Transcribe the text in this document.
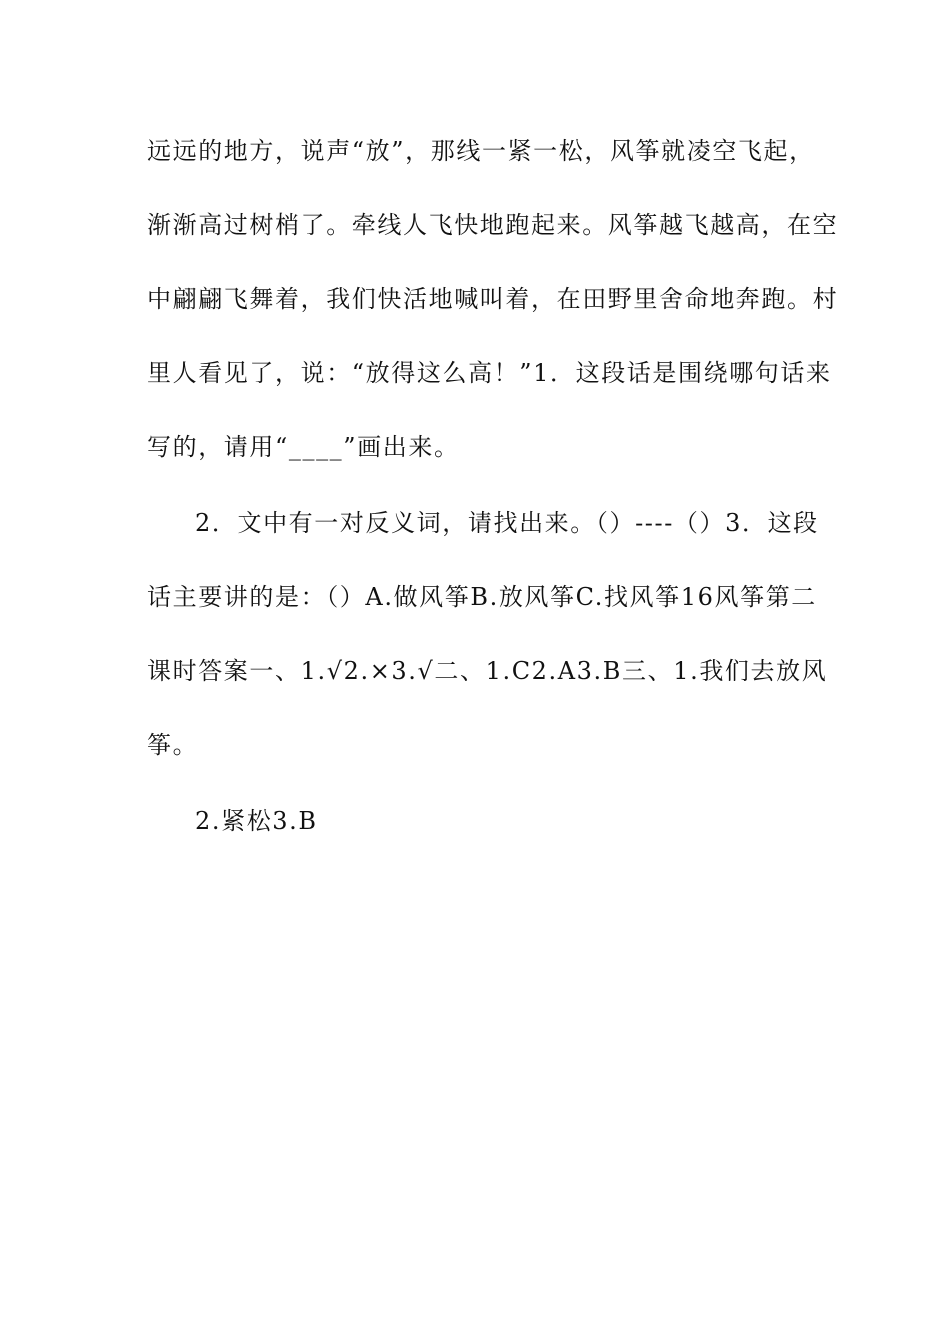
远远的地方，说声“放”，那线一紧一松，风筝就凌空飞起，
渐渐高过树梢了。牵线人飞快地跑起来。风筝越飞越高，在空
中翩翩飞舞着，我们快活地喊叫着，在田野里舍命地奔跑。村
里人看见了，说：“放得这么高！”1．这段话是围绕哪句话来
写的，请用“____”画出来。
2．文中有一对反义词，请找出来。（）----（）3．这段
话主要讲的是：（）A.做风筝B.放风筝C.找风筝16风筝第二
课时答案一、1.√2.×3.√二、1.C2.A3.B三、1.我们去放风
筝。
2.紧松3.B
